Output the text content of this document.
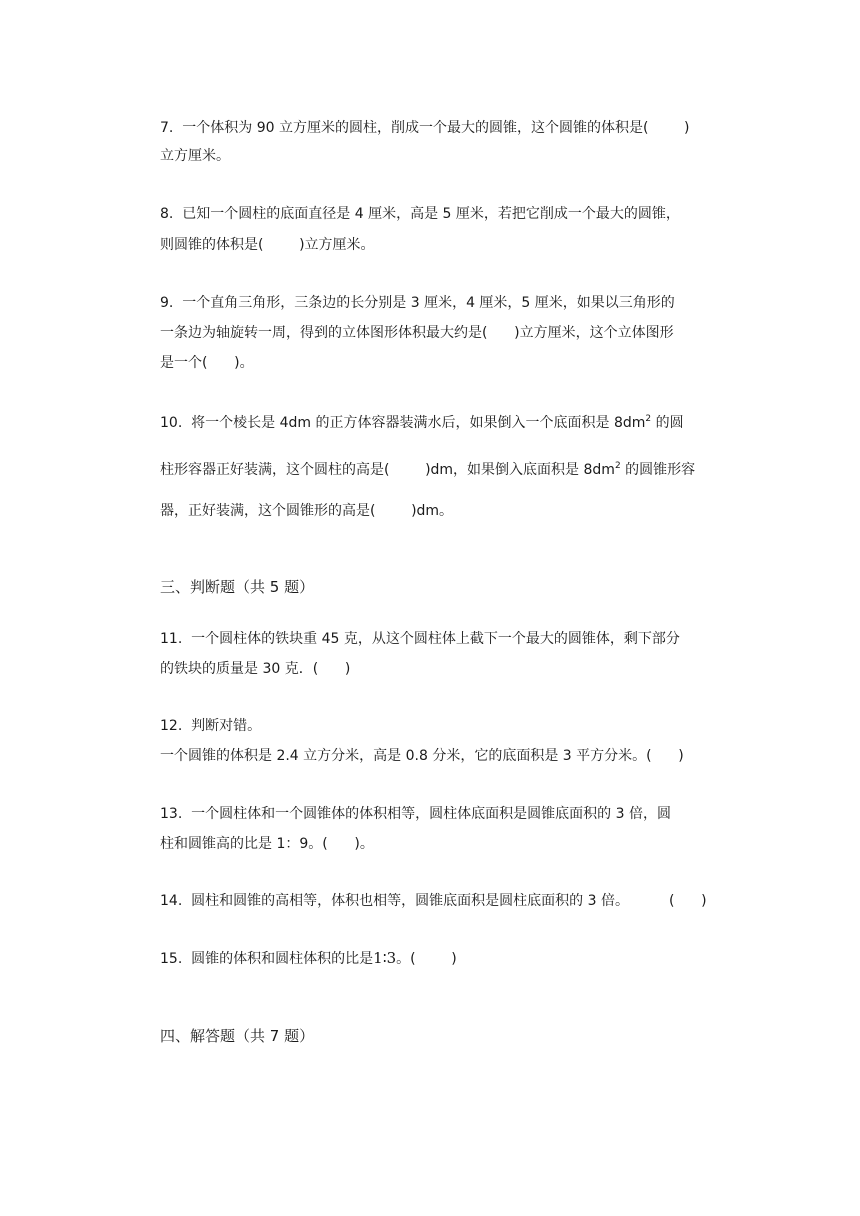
7.  一个体积为 90 立方厘米的圆柱，削成一个最大的圆锥，这个圆锥的体积是(        )
立方厘米。
8.  已知一个圆柱的底面直径是 4 厘米，高是 5 厘米，若把它削成一个最大的圆锥，
则圆锥的体积是(        )立方厘米。
9.  一个直角三角形，三条边的长分别是 3 厘米，4 厘米，5 厘米，如果以三角形的
一条边为轴旋转一周，得到的立体图形体积最大约是(      )立方厘米，这个立体图形
是一个(      )。
10.  将一个棱长是 4dm 的正方体容器装满水后，如果倒入一个底面积是 $8dm^2$ 的圆
柱形容器正好装满，这个圆柱的高是(        )dm，如果倒入底面积是 $8dm^2$ 的圆锥形容
器，正好装满，这个圆锥形的高是(        )dm。
三、判断题（共 5 题）
11.  一个圆柱体的铁块重 45 克，从这个圆柱体上截下一个最大的圆锥体，剩下部分
的铁块的质量是 30 克．(      )
12.  判断对错。
一个圆锥的体积是 2.4 立方分米，高是 0.8 分米，它的底面积是 3 平方分米。(      )
13.  一个圆柱体和一个圆锥体的体积相等，圆柱体底面积是圆锥底面积的 3 倍，圆
柱和圆锥高的比是 1：9。(      )。
14.  圆柱和圆锥的高相等，体积也相等，圆锥底面积是圆柱底面积的 3 倍。         (      )
15.  圆锥的体积和圆柱体积的比是1∶3。(        )
四、解答题（共 7 题）
